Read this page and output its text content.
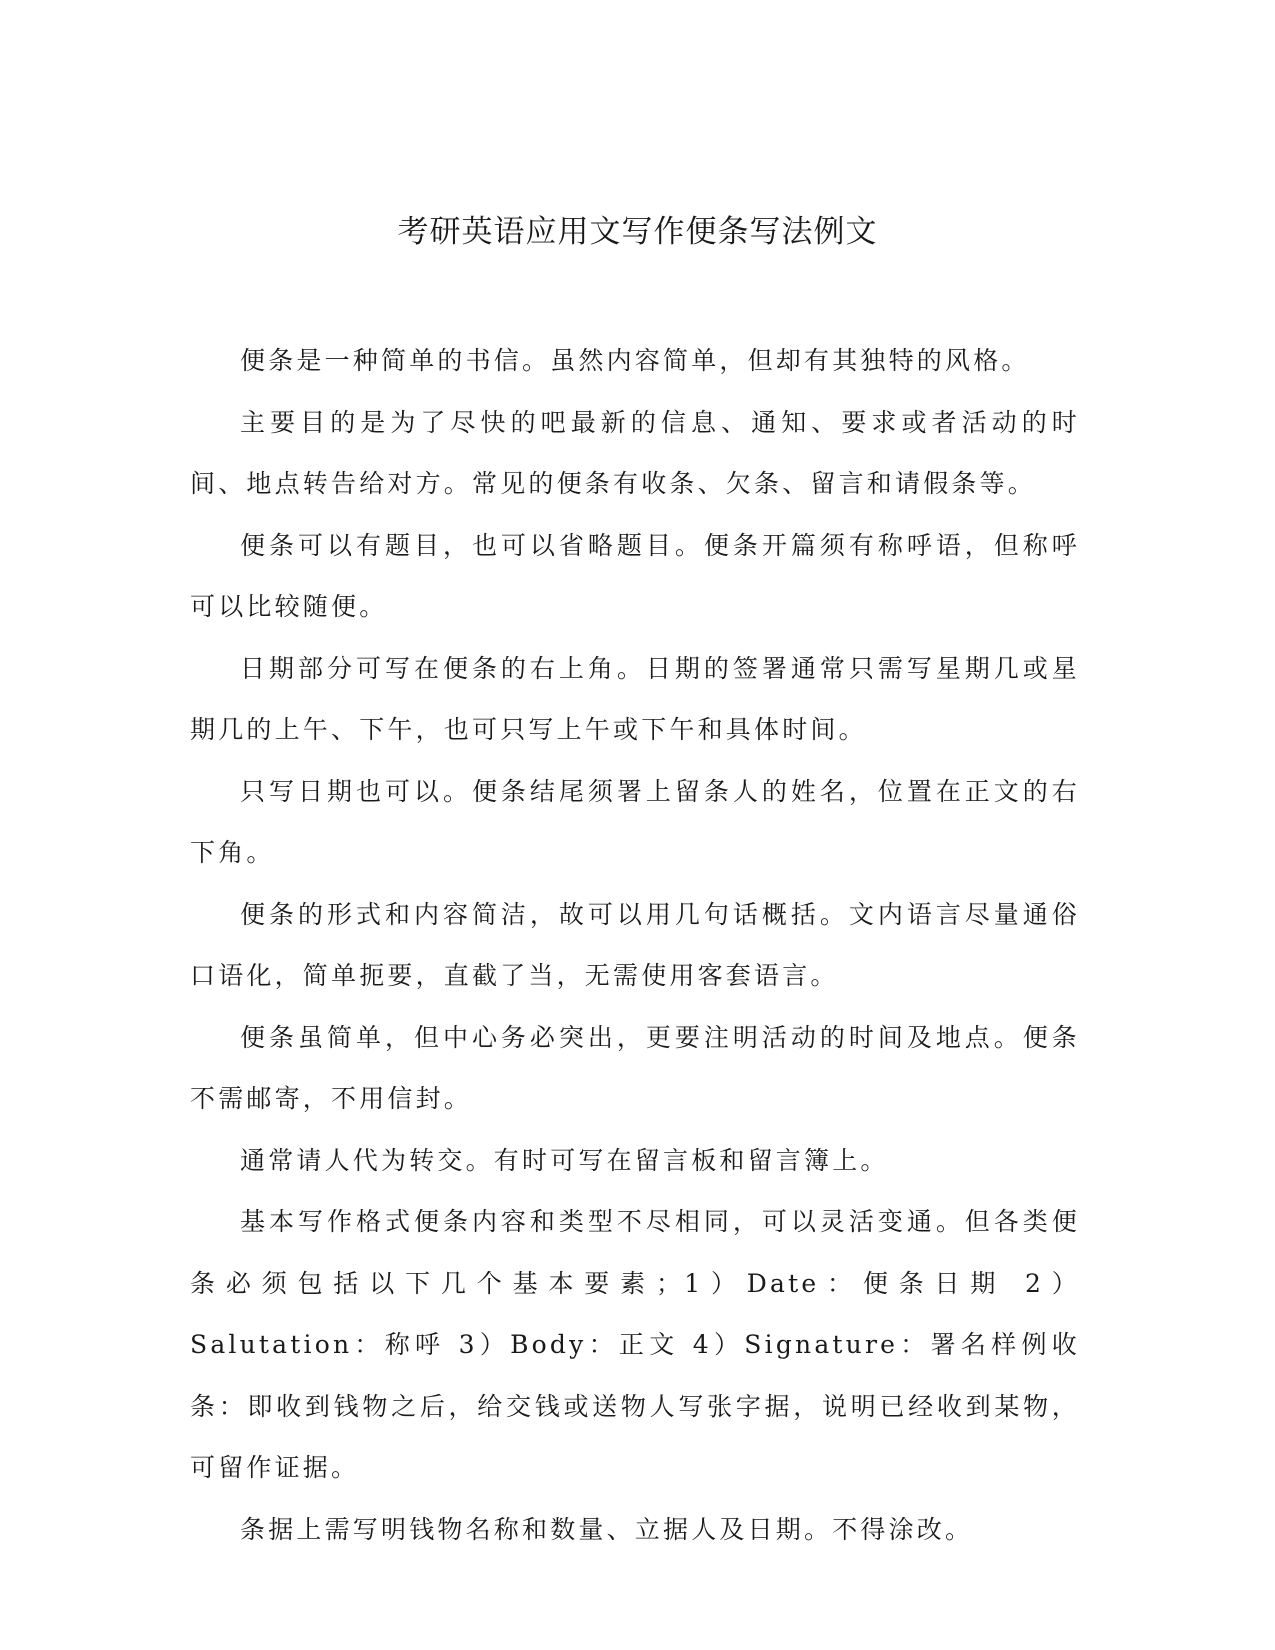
考研英语应用文写作便条写法例文

便条是一种简单的书信。虽然内容简单，但却有其独特的风格。

主要目的是为了尽快的吧最新的信息、通知、要求或者活动的时间、地点转告给对方。常见的便条有收条、欠条、留言和请假条等。

便条可以有题目，也可以省略题目。便条开篇须有称呼语，但称呼可以比较随便。

日期部分可写在便条的右上角。日期的签署通常只需写星期几或星期几的上午、下午，也可只写上午或下午和具体时间。

只写日期也可以。便条结尾须署上留条人的姓名，位置在正文的右下角。

便条的形式和内容简洁，故可以用几句话概括。文内语言尽量通俗口语化，简单扼要，直截了当，无需使用客套语言。

便条虽简单，但中心务必突出，更要注明活动的时间及地点。便条不需邮寄，不用信封。

通常请人代为转交。有时可写在留言板和留言簿上。

基本写作格式便条内容和类型不尽相同，可以灵活变通。但各类便条必须包括以下几个基本要素；1）Date：便条日期 2）Salutation：称呼 3）Body：正文 4）Signature：署名样例收条：即收到钱物之后，给交钱或送物人写张字据，说明已经收到某物，可留作证据。

条据上需写明钱物名称和数量、立据人及日期。不得涂改。
